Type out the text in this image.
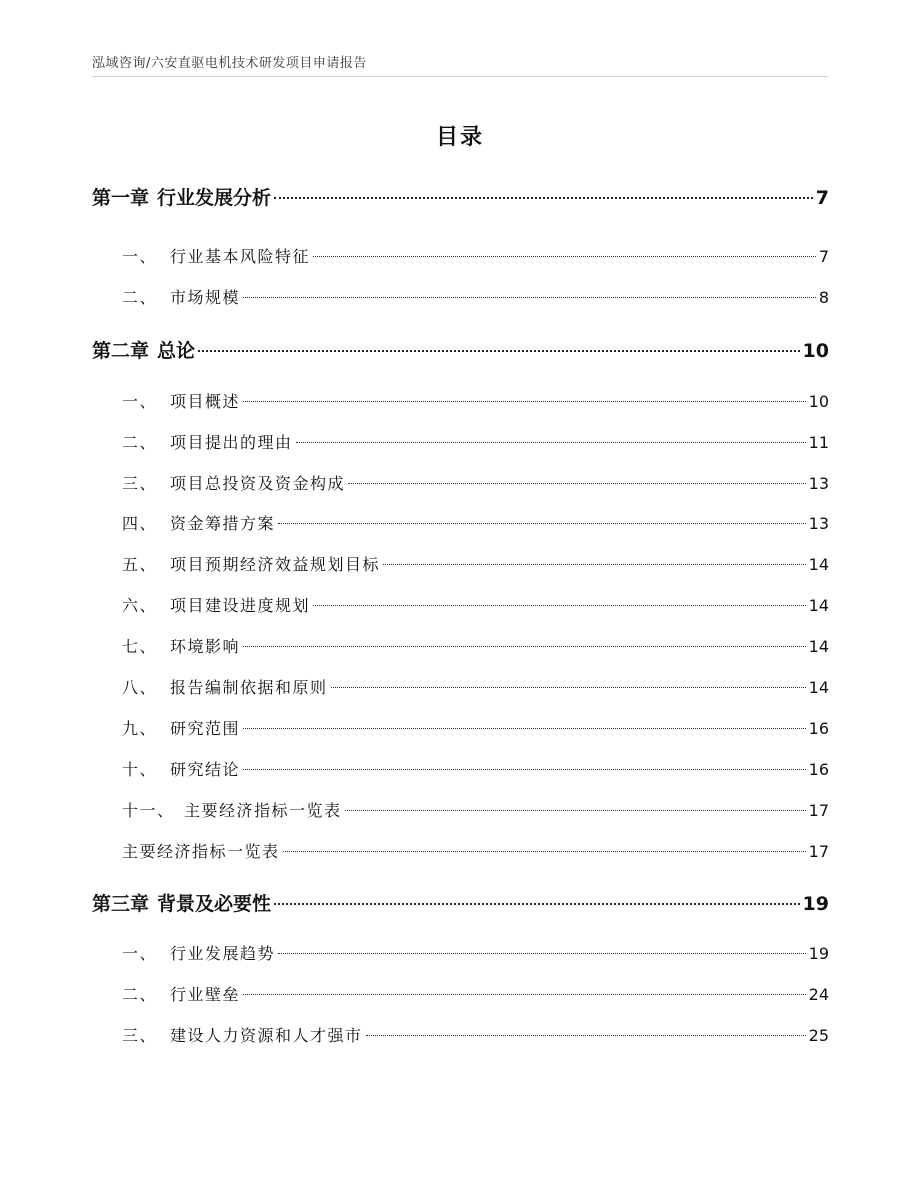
泓域咨询/六安直驱电机技术研发项目申请报告
目录
第一章 行业发展分析	7
一、 行业基本风险特征	7
二、 市场规模	8
第二章 总论	10
一、 项目概述	10
二、 项目提出的理由	11
三、 项目总投资及资金构成	13
四、 资金筹措方案	13
五、 项目预期经济效益规划目标	14
六、 项目建设进度规划	14
七、 环境影响	14
八、 报告编制依据和原则	14
九、 研究范围	16
十、 研究结论	16
十一、 主要经济指标一览表	17
主要经济指标一览表	17
第三章 背景及必要性	19
一、 行业发展趋势	19
二、 行业壁垒	24
三、 建设人力资源和人才强市	25
